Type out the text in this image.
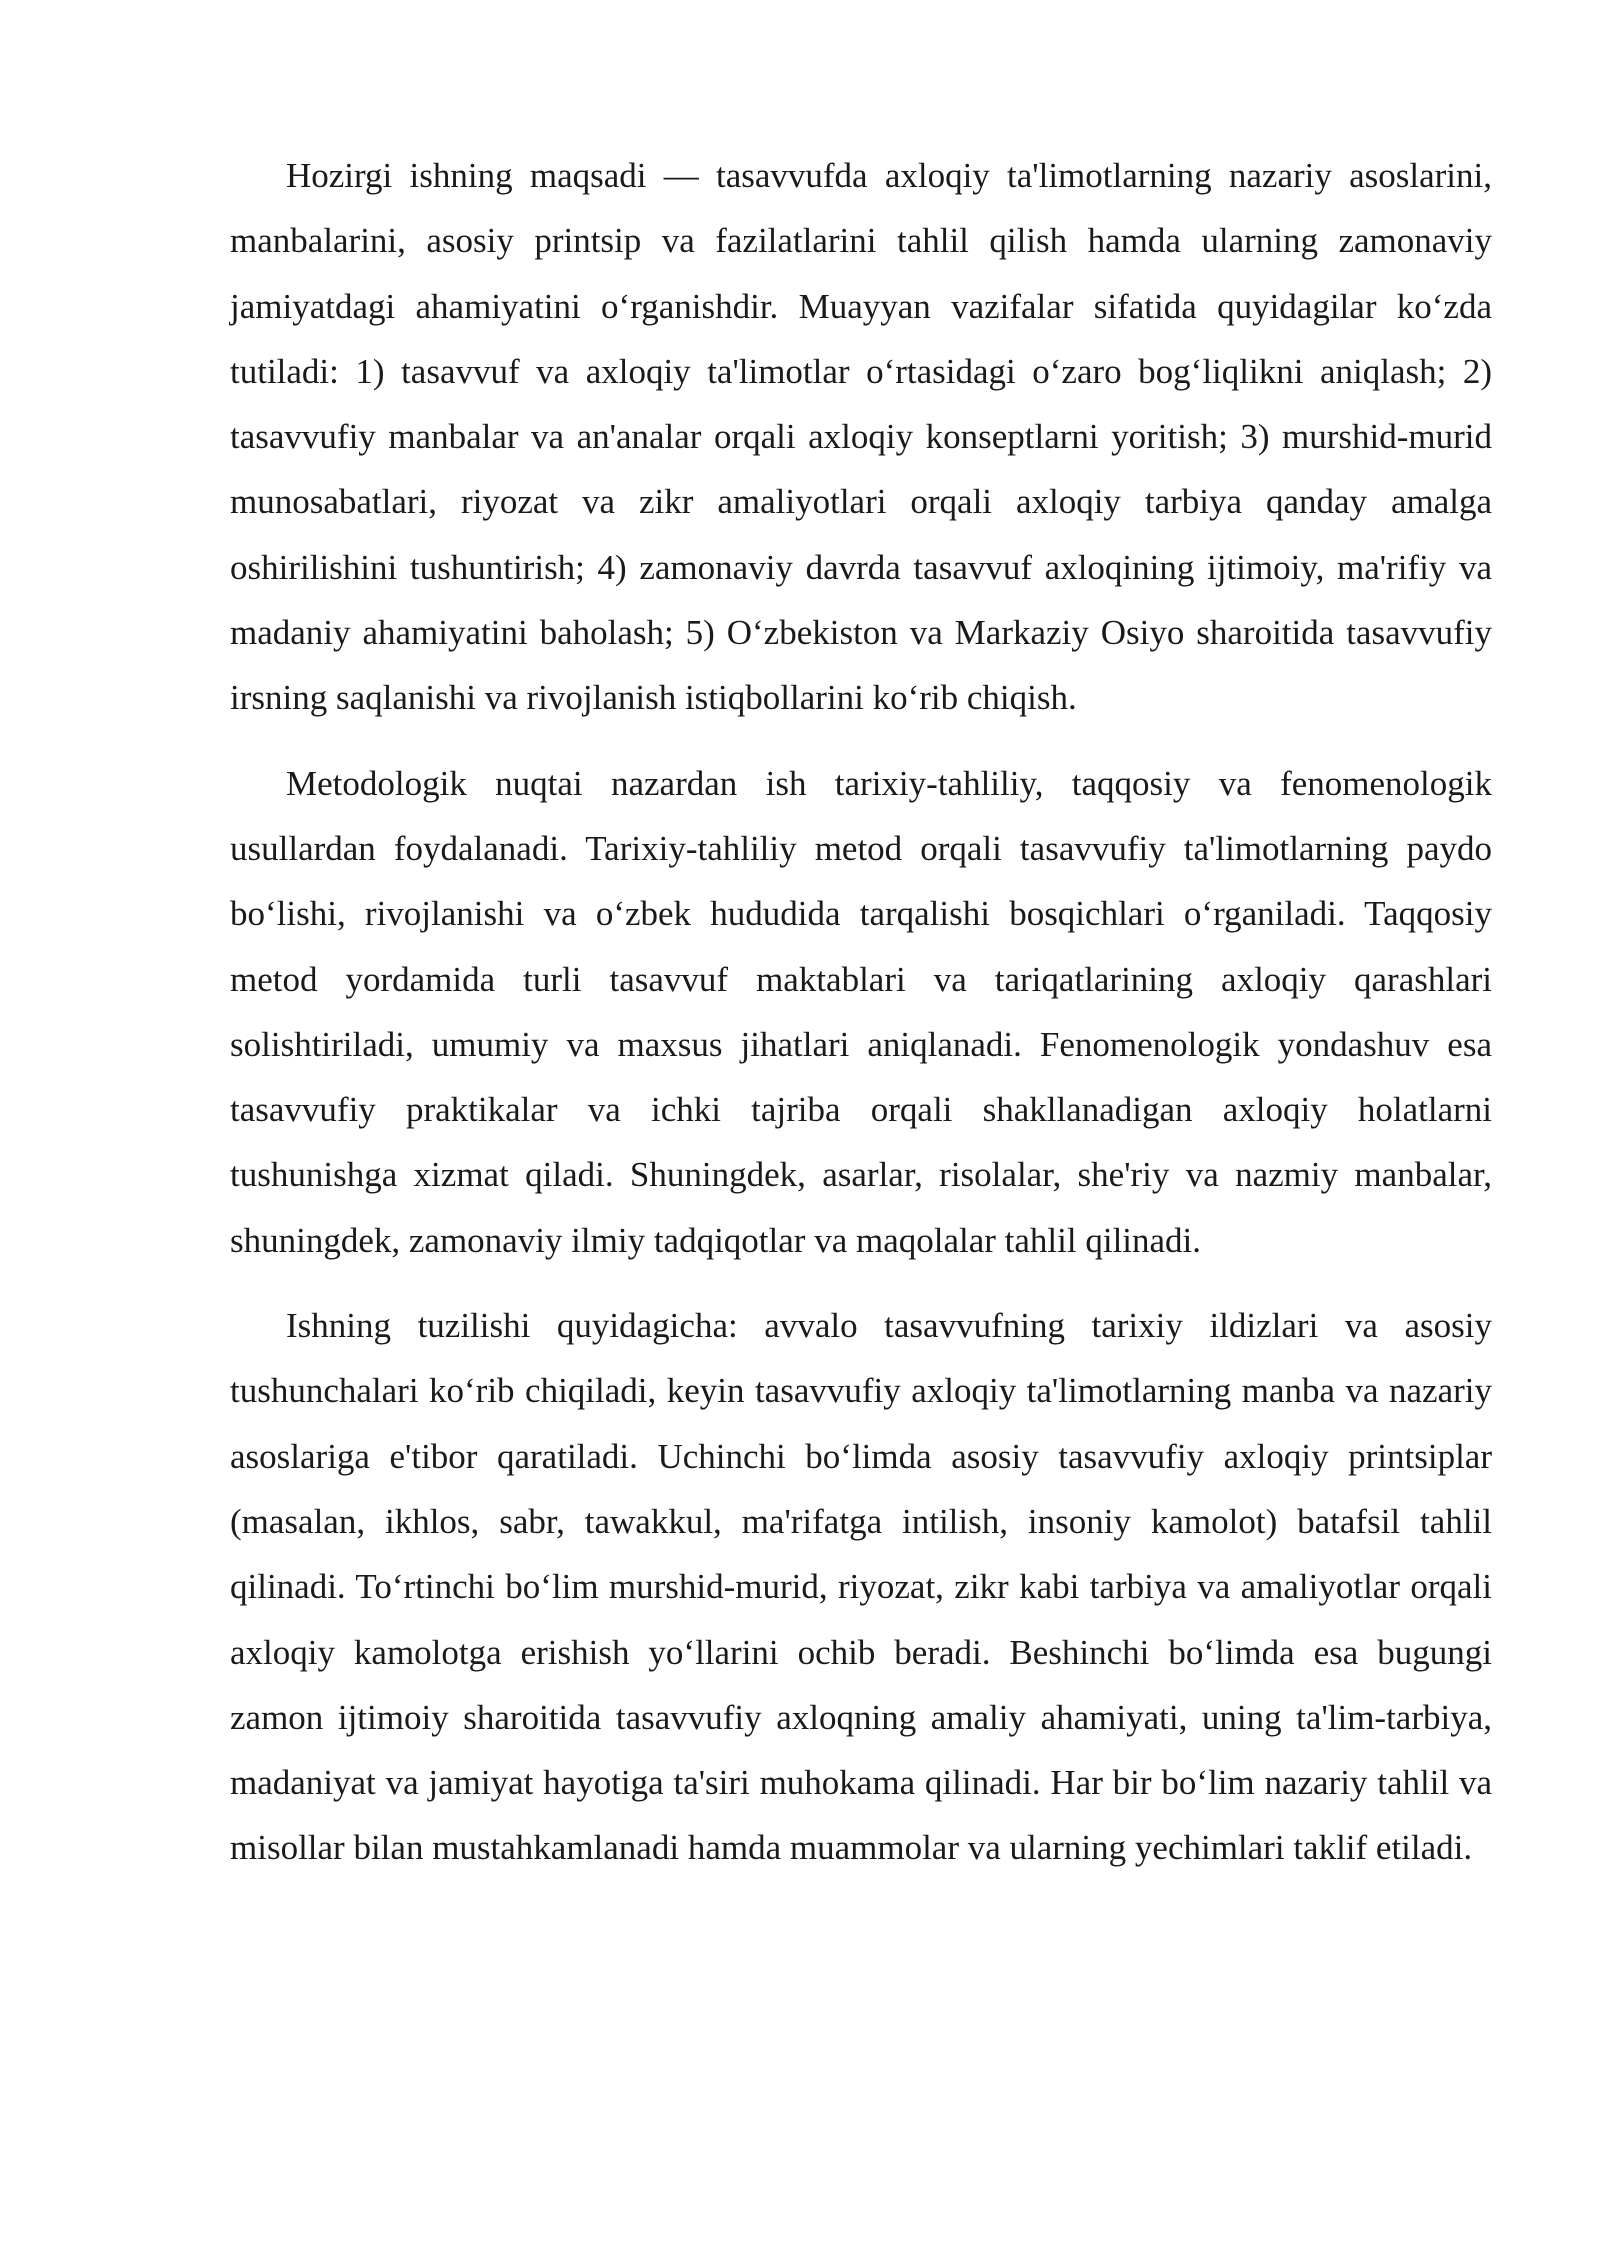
Hozirgi ishning maqsadi — tasavvufda axloqiy ta'limotlarning nazariy asoslarini, manbalarini, asosiy printsip va fazilatlarini tahlil qilish hamda ularning zamonaviy jamiyatdagi ahamiyatini o‘rganishdir. Muayyan vazifalar sifatida quyidagilar ko‘zda tutiladi: 1) tasavvuf va axloqiy ta'limotlar o‘rtasidagi o‘zaro bog‘liqlikni aniqlash; 2) tasavvufiy manbalar va an'analar orqali axloqiy konseptlarni yoritish; 3) murshid-murid munosabatlari, riyozat va zikr amaliyotlari orqali axloqiy tarbiya qanday amalga oshirilishini tushuntirish; 4) zamonaviy davrda tasavvuf axloqining ijtimoiy, ma'rifiy va madaniy ahamiyatini baholash; 5) O‘zbekiston va Markaziy Osiyo sharoitida tasavvufiy irsning saqlanishi va rivojlanish istiqbollarini ko‘rib chiqish.

Metodologik nuqtai nazardan ish tarixiy-tahliliy, taqqosiy va fenomenologik usullardan foydalanadi. Tarixiy-tahliliy metod orqali tasavvufiy ta'limotlarning paydo bo‘lishi, rivojlanishi va o‘zbek hududida tarqalishi bosqichlari o‘rganiladi. Taqqosiy metod yordamida turli tasavvuf maktablari va tariqatlarining axloqiy qarashlari solishtiriladi, umumiy va maxsus jihatlari aniqlanadi. Fenomenologik yondashuv esa tasavvufiy praktikalar va ichki tajriba orqali shakllanadigan axloqiy holatlarni tushunishga xizmat qiladi. Shuningdek, asarlar, risolalar, she'riy va nazmiy manbalar, shuningdek, zamonaviy ilmiy tadqiqotlar va maqolalar tahlil qilinadi.

Ishning tuzilishi quyidagicha: avvalo tasavvufning tarixiy ildizlari va asosiy tushunchalari ko‘rib chiqiladi, keyin tasavvufiy axloqiy ta'limotlarning manba va nazariy asoslariga e'tibor qaratiladi. Uchinchi bo‘limda asosiy tasavvufiy axloqiy printsiplar (masalan, ikhlos, sabr, tawakkul, ma'rifatga intilish, insoniy kamolot) batafsil tahlil qilinadi. To‘rtinchi bo‘lim murshid-murid, riyozat, zikr kabi tarbiya va amaliyotlar orqali axloqiy kamolotga erishish yo‘llarini ochib beradi. Beshinchi bo‘limda esa bugungi zamon ijtimoiy sharoitida tasavvufiy axloqning amaliy ahamiyati, uning ta'lim-tarbiya, madaniyat va jamiyat hayotiga ta'siri muhokama qilinadi. Har bir bo‘lim nazariy tahlil va misollar bilan mustahkamlanadi hamda muammolar va ularning yechimlari taklif etiladi.
